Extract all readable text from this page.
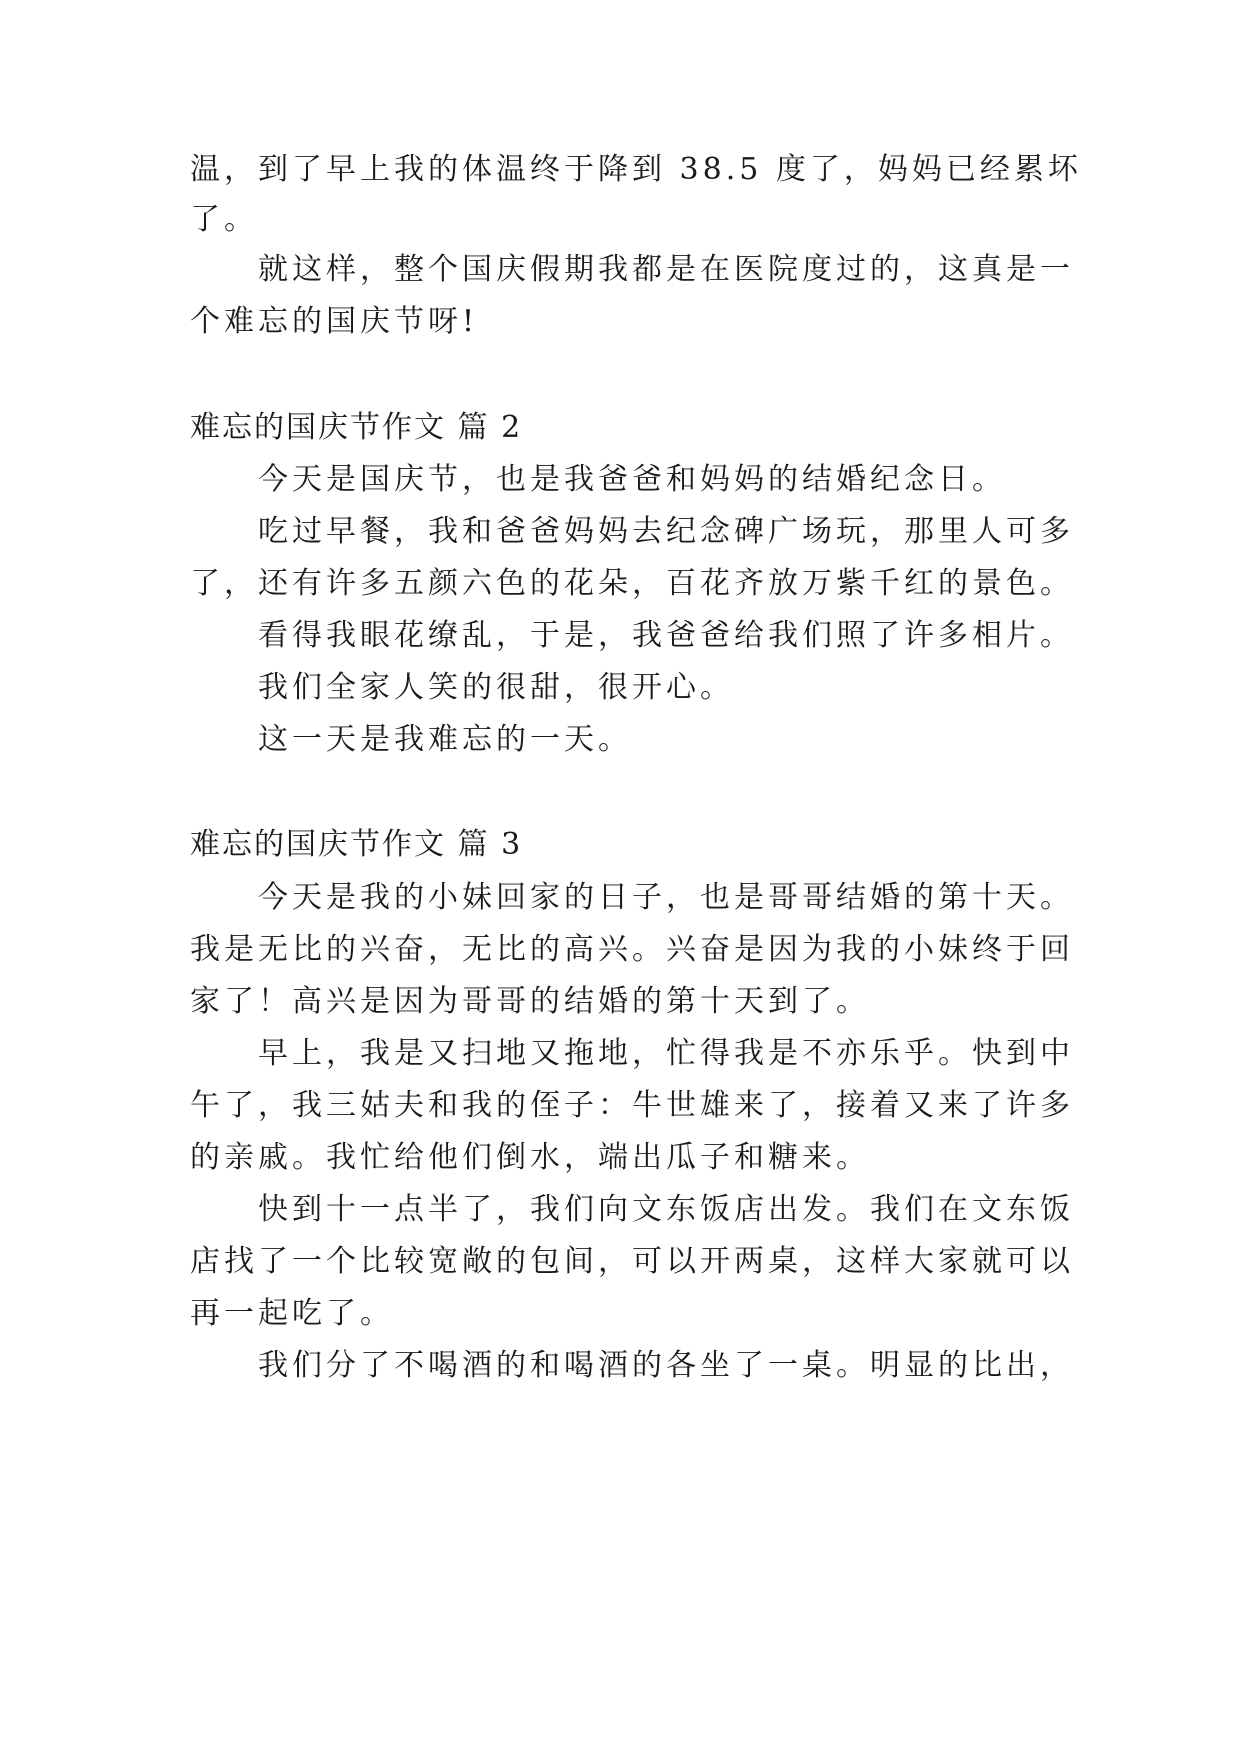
温，到了早上我的体温终于降到 38.5 度了，妈妈已经累坏
了。
就这样，整个国庆假期我都是在医院度过的，这真是一
个难忘的国庆节呀!
难忘的国庆节作文 篇 2
今天是国庆节，也是我爸爸和妈妈的结婚纪念日。
吃过早餐，我和爸爸妈妈去纪念碑广场玩，那里人可多
了，还有许多五颜六色的花朵，百花齐放万紫千红的景色。
看得我眼花缭乱，于是，我爸爸给我们照了许多相片。
我们全家人笑的很甜，很开心。
这一天是我难忘的一天。
难忘的国庆节作文 篇 3
今天是我的小妹回家的日子，也是哥哥结婚的第十天。
我是无比的兴奋，无比的高兴。兴奋是因为我的小妹终于回
家了！高兴是因为哥哥的结婚的第十天到了。
早上，我是又扫地又拖地，忙得我是不亦乐乎。快到中
午了，我三姑夫和我的侄子：牛世雄来了，接着又来了许多
的亲戚。我忙给他们倒水，端出瓜子和糖来。
快到十一点半了，我们向文东饭店出发。我们在文东饭
店找了一个比较宽敞的包间，可以开两桌，这样大家就可以
再一起吃了。
我们分了不喝酒的和喝酒的各坐了一桌。明显的比出，
